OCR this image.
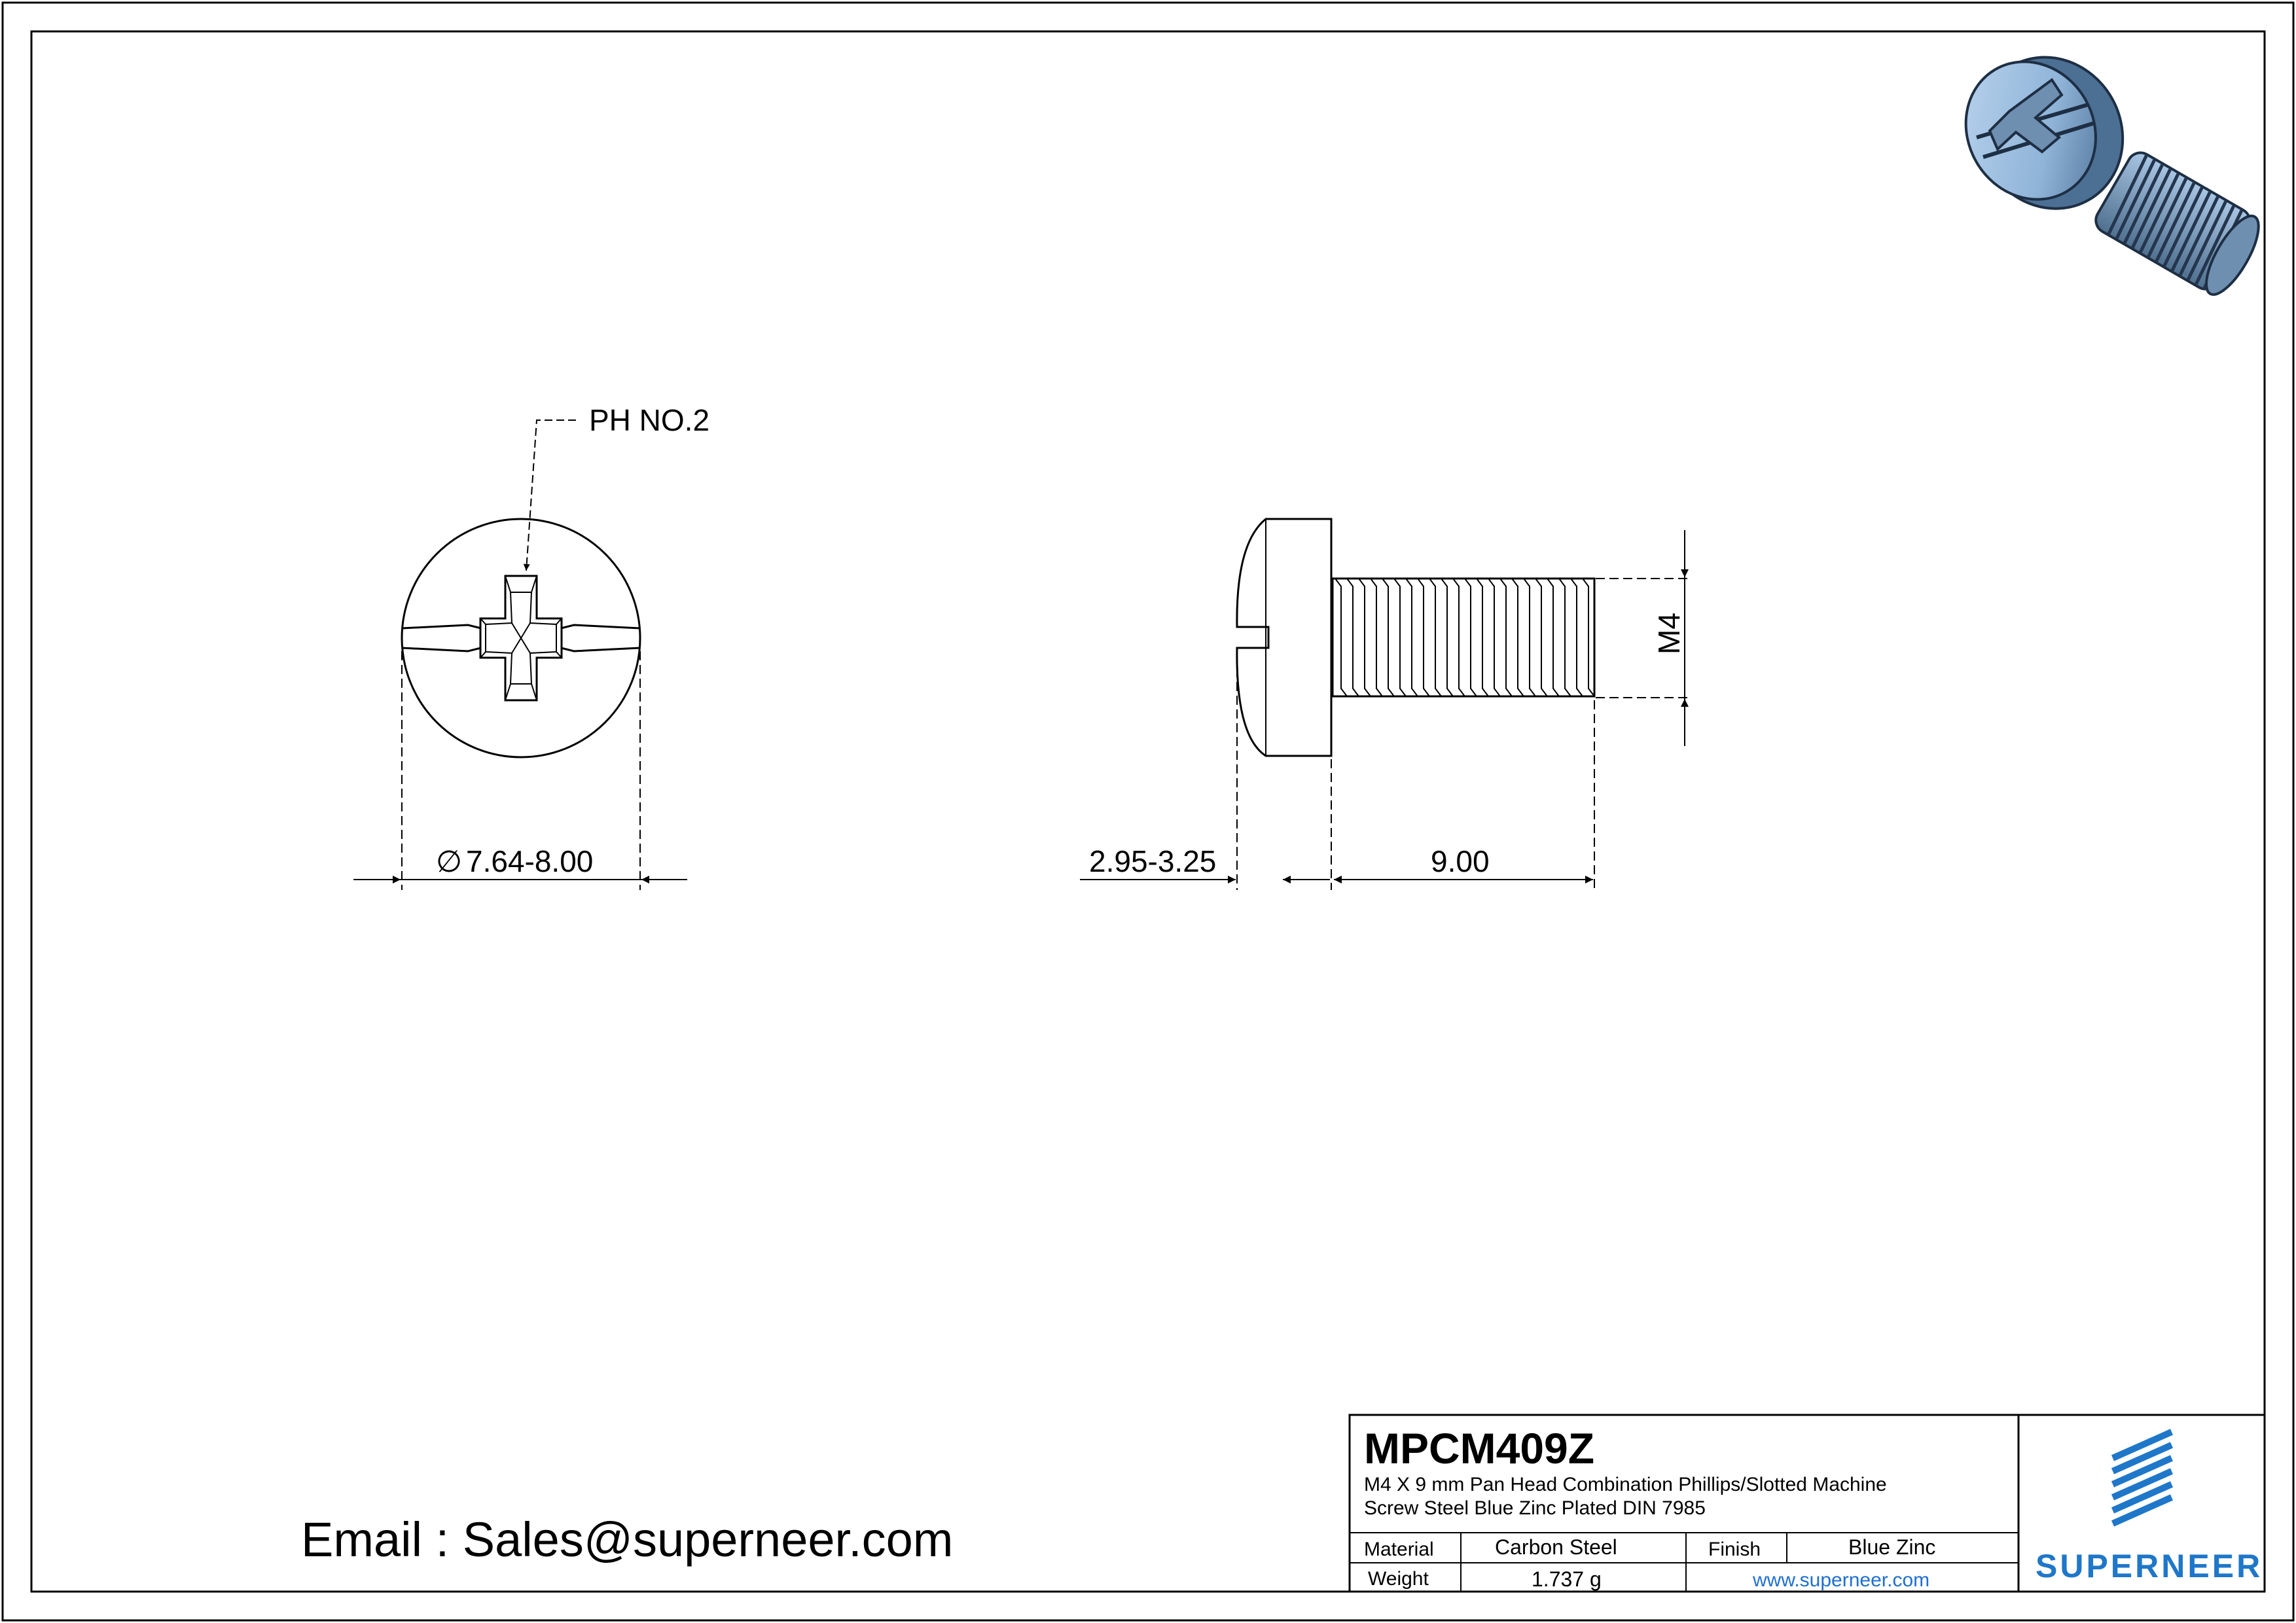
PH NO.2
∅ 7.64-8.00
M4
2.95-3.25	9.00
Email : Sales@superneer.com
MPCM409Z
M4 X 9 mm Pan Head Combination Phillips/Slotted Machine
Screw Steel Blue Zinc Plated DIN 7985
Material	Carbon Steel	Finish	Blue Zinc
Weight	1.737 g	www.superneer.com	SUPERNEER
